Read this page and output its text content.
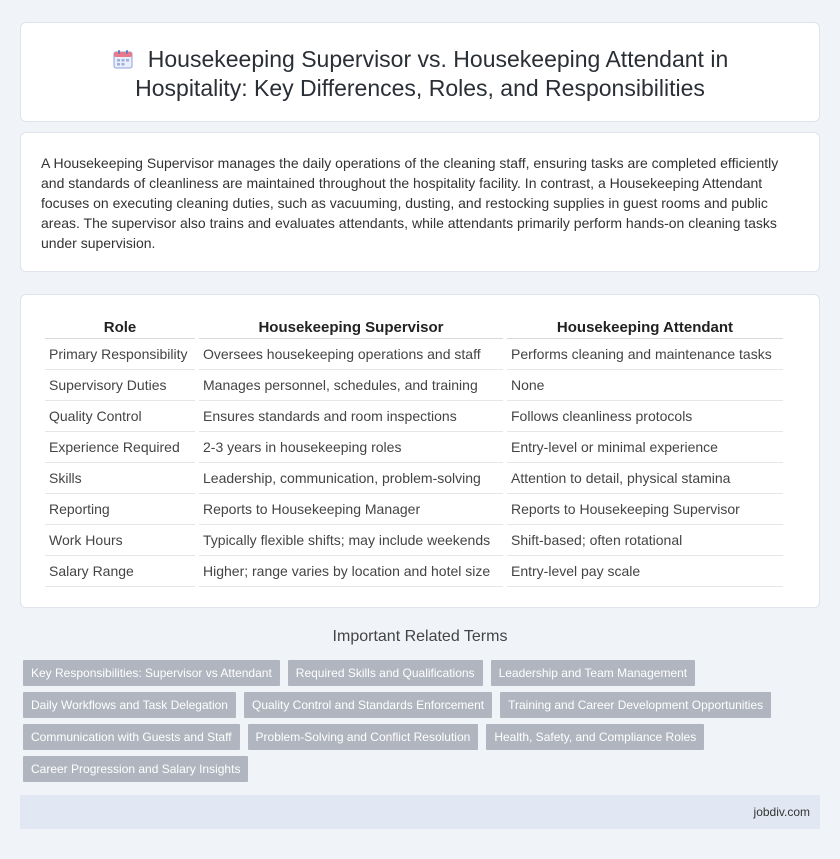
Housekeeping Supervisor vs. Housekeeping Attendant in Hospitality: Key Differences, Roles, and Responsibilities

A Housekeeping Supervisor manages the daily operations of the cleaning staff, ensuring tasks are completed efficiently and standards of cleanliness are maintained throughout the hospitality facility. In contrast, a Housekeeping Attendant focuses on executing cleaning duties, such as vacuuming, dusting, and restocking supplies in guest rooms and public areas. The supervisor also trains and evaluates attendants, while attendants primarily perform hands-on cleaning tasks under supervision.

Role	Housekeeping Supervisor	Housekeeping Attendant
Primary Responsibility	Oversees housekeeping operations and staff	Performs cleaning and maintenance tasks
Supervisory Duties	Manages personnel, schedules, and training	None
Quality Control	Ensures standards and room inspections	Follows cleanliness protocols
Experience Required	2-3 years in housekeeping roles	Entry-level or minimal experience
Skills	Leadership, communication, problem-solving	Attention to detail, physical stamina
Reporting	Reports to Housekeeping Manager	Reports to Housekeeping Supervisor
Work Hours	Typically flexible shifts; may include weekends	Shift-based; often rotational
Salary Range	Higher; range varies by location and hotel size	Entry-level pay scale
Important Related Terms
Key Responsibilities: Supervisor vs Attendant	Required Skills and Qualifications	Leadership and Team Management
Daily Workflows and Task Delegation	Quality Control and Standards Enforcement	Training and Career Development Opportunities
Communication with Guests and Staff	Problem-Solving and Conflict Resolution	Health, Safety, and Compliance Roles
Career Progression and Salary Insights
jobdiv.com
